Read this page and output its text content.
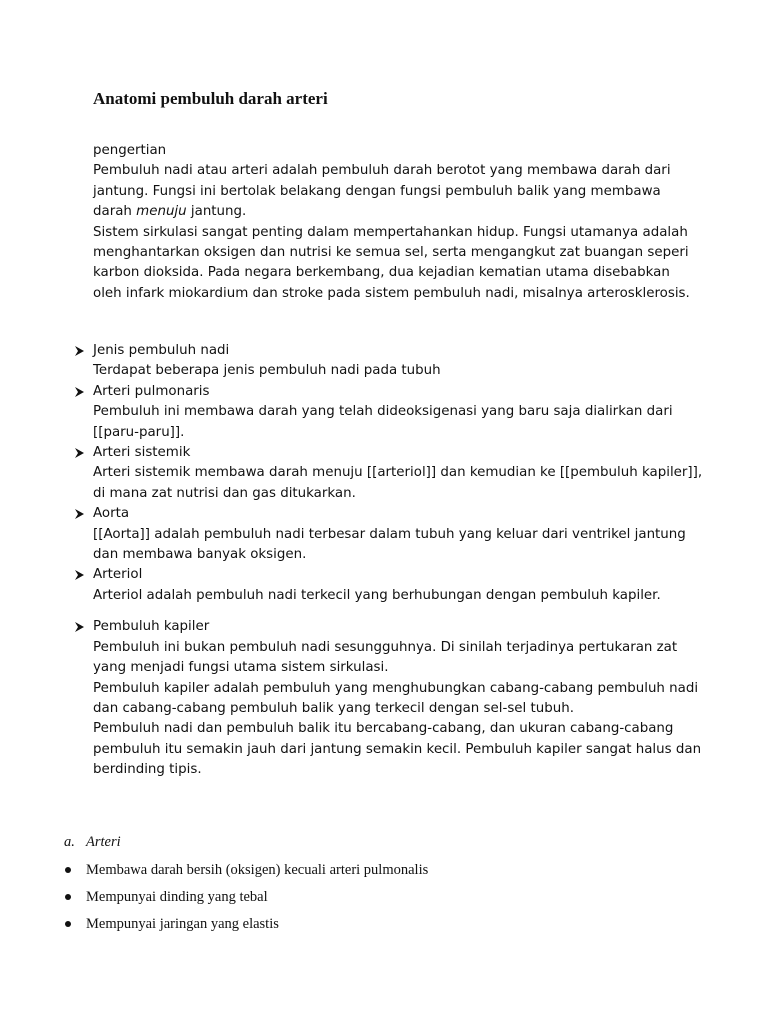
Anatomi pembuluh darah arteri

pengertian

Pembuluh nadi atau arteri adalah pembuluh darah berotot yang membawa darah dari jantung. Fungsi ini bertolak belakang dengan fungsi pembuluh balik yang membawa darah menuju jantung.

Sistem sirkulasi sangat penting dalam mempertahankan hidup. Fungsi utamanya adalah menghantarkan oksigen dan nutrisi ke semua sel, serta mengangkut zat buangan seperi karbon dioksida. Pada negara berkembang, dua kejadian kematian utama disebabkan oleh infark miokardium dan stroke pada sistem pembuluh nadi, misalnya arterosklerosis.

Jenis pembuluh nadi

Terdapat beberapa jenis pembuluh nadi pada tubuh

Arteri pulmonaris

Pembuluh ini membawa darah yang telah dideoksigenasi yang baru saja dialirkan dari [[paru-paru]].

Arteri sistemik

Arteri sistemik membawa darah menuju [[arteriol]] dan kemudian ke [[pembuluh kapiler]], di mana zat nutrisi dan gas ditukarkan.

Aorta

[[Aorta]] adalah pembuluh nadi terbesar dalam tubuh yang keluar dari ventrikel jantung dan membawa banyak oksigen.

Arteriol

Arteriol adalah pembuluh nadi terkecil yang berhubungan dengan pembuluh kapiler.

Pembuluh kapiler

Pembuluh ini bukan pembuluh nadi sesungguhnya. Di sinilah terjadinya pertukaran zat yang menjadi fungsi utama sistem sirkulasi.

Pembuluh kapiler adalah pembuluh yang menghubungkan cabang-cabang pembuluh nadi dan cabang-cabang pembuluh balik yang terkecil dengan sel-sel tubuh.

Pembuluh nadi dan pembuluh balik itu bercabang-cabang, dan ukuran cabang-cabang pembuluh itu semakin jauh dari jantung semakin kecil. Pembuluh kapiler sangat halus dan berdinding tipis.

a. Arteri
Membawa darah bersih (oksigen) kecuali arteri pulmonalis
Mempunyai dinding yang tebal
Mempunyai jaringan yang elastis
